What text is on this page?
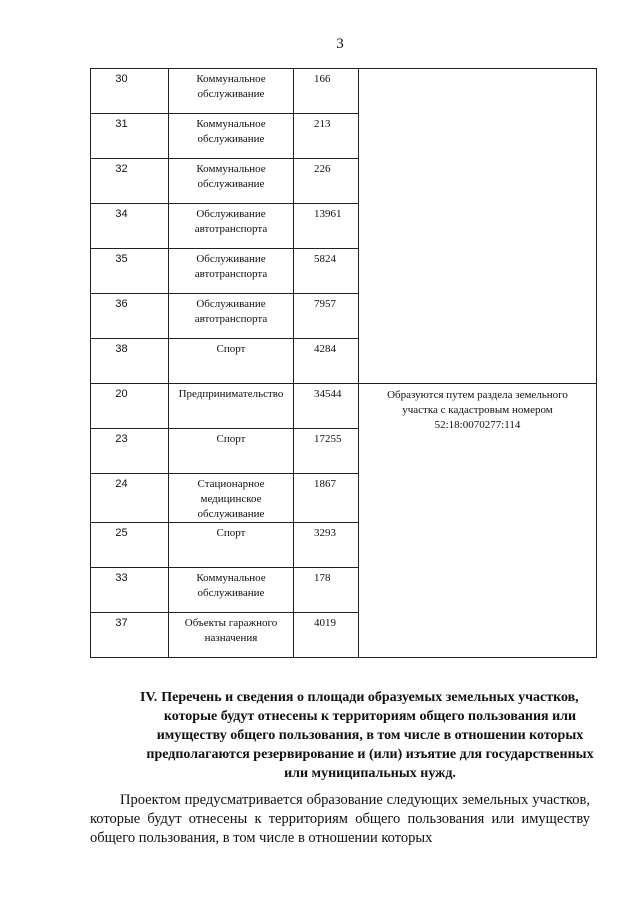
3
30	Коммунальное обслуживание	166	
31	Коммунальное обслуживание	213	
32	Коммунальное обслуживание	226	
34	Обслуживание автотранспорта	13961	
35	Обслуживание автотранспорта	5824	
36	Обслуживание автотранспорта	7957	
38	Спорт	4284	
20	Предпринимательство	34544	Образуются путем раздела земельного участка с кадастровым номером 52:18:0070277:114
23	Спорт	17255	
24	Стационарное медицинское обслуживание	1867	
25	Спорт	3293	
33	Коммунальное обслуживание	178	
37	Объекты гаражного назначения	4019	
IV. Перечень и сведения о площади образуемых земельных участков, которые будут отнесены к территориям общего пользования или имуществу общего пользования, в том числе в отношении которых предполагаются резервирование и (или) изъятие для государственных или муниципальных нужд.
Проектом предусматривается образование следующих земельных участков, которые будут отнесены к территориям общего пользования или имуществу общего пользования, в том числе в отношении которых
